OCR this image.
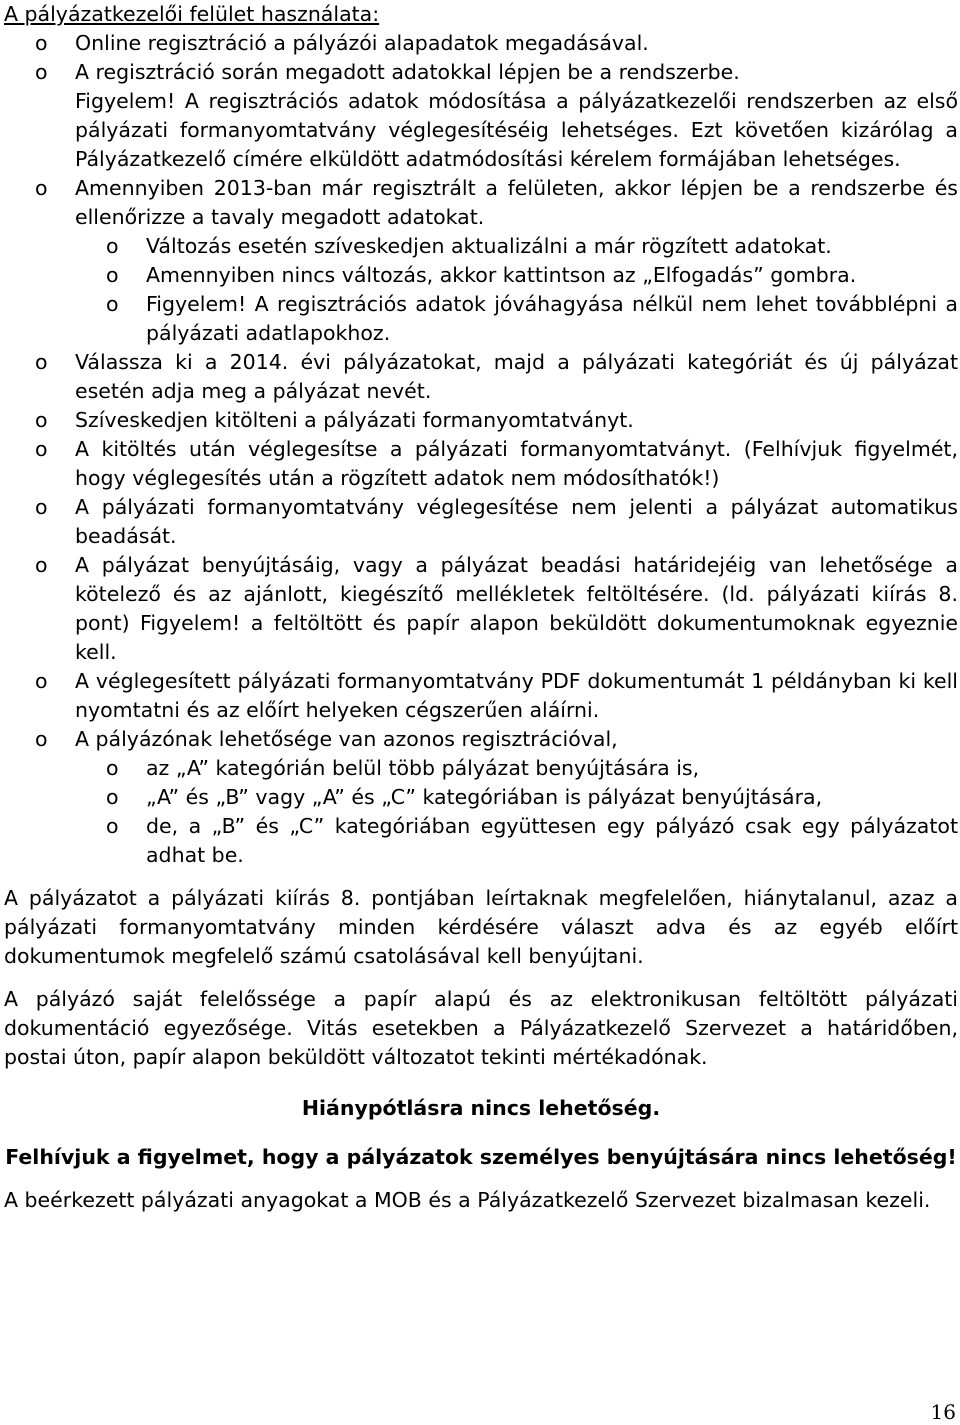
A pályázatkezelői felület használata:

o Online regisztráció a pályázói alapadatok megadásával.
o A regisztráció során megadott adatokkal lépjen be a rendszerbe.
Figyelem! A regisztrációs adatok módosítása a pályázatkezelői rendszerben az első pályázati formanyomtatvány véglegesítéséig lehetséges. Ezt követően kizárólag a Pályázatkezelő címére elküldött adatmódosítási kérelem formájában lehetséges.
o Amennyiben 2013-ban már regisztrált a felületen, akkor lépjen be a rendszerbe és ellenőrizze a tavaly megadott adatokat.
o Változás esetén szíveskedjen aktualizálni a már rögzített adatokat.
o Amennyiben nincs változás, akkor kattintson az „Elfogadás” gombra.
o Figyelem! A regisztrációs adatok jóváhagyása nélkül nem lehet továbblépni a pályázati adatlapokhoz.
o Válassza ki a 2014. évi pályázatokat, majd a pályázati kategóriát és új pályázat esetén adja meg a pályázat nevét.
o Szíveskedjen kitölteni a pályázati formanyomtatványt.
o A kitöltés után véglegesítse a pályázati formanyomtatványt. (Felhívjuk figyelmét, hogy véglegesítés után a rögzített adatok nem módosíthatók!)
o A pályázati formanyomtatvány véglegesítése nem jelenti a pályázat automatikus beadását.
o A pályázat benyújtásáig, vagy a pályázat beadási határidejéig van lehetősége a kötelező és az ajánlott, kiegészítő mellékletek feltöltésére. (ld. pályázati kiírás 8. pont) Figyelem! a feltöltött és papír alapon beküldött dokumentumoknak egyeznie kell.
o A véglegesített pályázati formanyomtatvány PDF dokumentumát 1 példányban ki kell nyomtatni és az előírt helyeken cégszerűen aláírni.
o A pályázónak lehetősége van azonos regisztrációval,
o az „A” kategórián belül több pályázat benyújtására is,
o „A” és „B” vagy „A” és „C” kategóriában is pályázat benyújtására,
o de, a „B” és „C” kategóriában együttesen egy pályázó csak egy pályázatot adhat be.

A pályázatot a pályázati kiírás 8. pontjában leírtaknak megfelelően, hiánytalanul, azaz a pályázati formanyomtatvány minden kérdésére választ adva és az egyéb előírt dokumentumok megfelelő számú csatolásával kell benyújtani.

A pályázó saját felelőssége a papír alapú és az elektronikusan feltöltött pályázati dokumentáció egyezősége. Vitás esetekben a Pályázatkezelő Szervezet a határidőben, postai úton, papír alapon beküldött változatot tekinti mértékadónak.

Hiánypótlásra nincs lehetőség.

Felhívjuk a figyelmet, hogy a pályázatok személyes benyújtására nincs lehetőség!

A beérkezett pályázati anyagokat a MOB és a Pályázatkezelő Szervezet bizalmasan kezeli.

16
